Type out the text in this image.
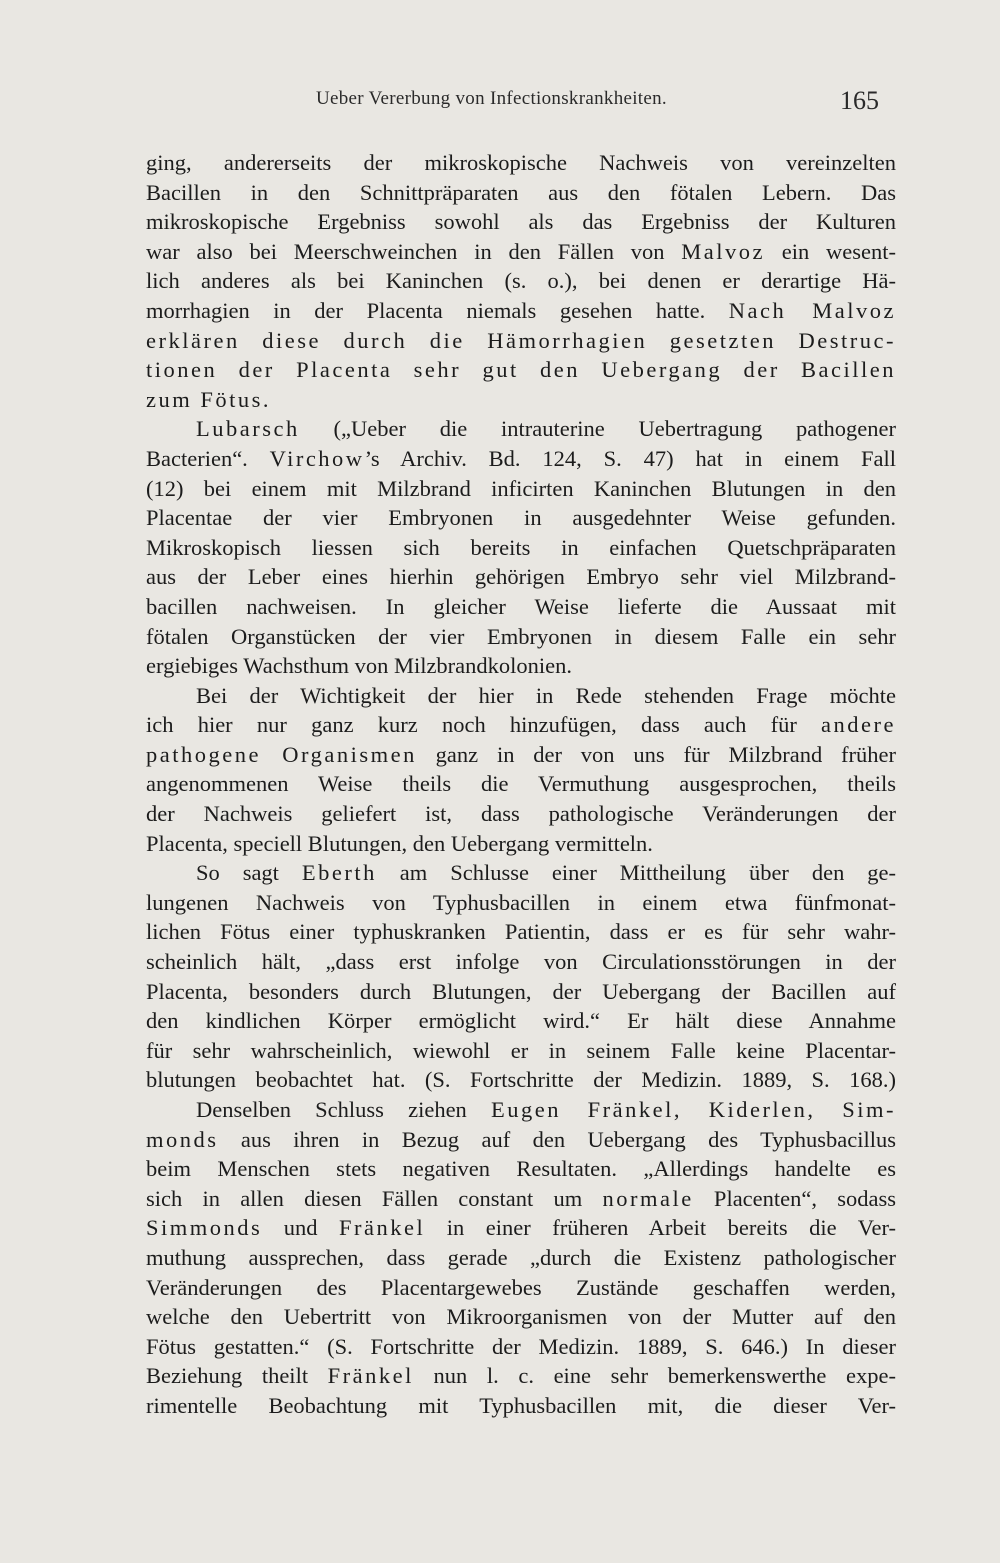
Ueber Vererbung von Infectionskrankheiten.	165
ging, andererseits der mikroskopische Nachweis von vereinzelten
Bacillen in den Schnittpräparaten aus den fötalen Lebern. Das
mikroskopische Ergebniss sowohl als das Ergebniss der Kulturen
war also bei Meerschweinchen in den Fällen von Malvoz ein wesent-
lich anderes als bei Kaninchen (s. o.), bei denen er derartige Hä-
morrhagien in der Placenta niemals gesehen hatte. Nach Malvoz
erklären diese durch die Hämorrhagien gesetzten Destruc-
tionen der Placenta sehr gut den Uebergang der Bacillen
zum Fötus.
Lubarsch („Ueber die intrauterine Uebertragung pathogener
Bacterien“. Virchow’s Archiv. Bd. 124, S. 47) hat in einem Fall
(12) bei einem mit Milzbrand inficirten Kaninchen Blutungen in den
Placentae der vier Embryonen in ausgedehnter Weise gefunden.
Mikroskopisch liessen sich bereits in einfachen Quetschpräparaten
aus der Leber eines hierhin gehörigen Embryo sehr viel Milzbrand-
bacillen nachweisen. In gleicher Weise lieferte die Aussaat mit
fötalen Organstücken der vier Embryonen in diesem Falle ein sehr
ergiebiges Wachsthum von Milzbrandkolonien.
Bei der Wichtigkeit der hier in Rede stehenden Frage möchte
ich hier nur ganz kurz noch hinzufügen, dass auch für andere
pathogene Organismen ganz in der von uns für Milzbrand früher
angenommenen Weise theils die Vermuthung ausgesprochen, theils
der Nachweis geliefert ist, dass pathologische Veränderungen der
Placenta, speciell Blutungen, den Uebergang vermitteln.
So sagt Eberth am Schlusse einer Mittheilung über den ge-
lungenen Nachweis von Typhusbacillen in einem etwa fünfmonat-
lichen Fötus einer typhuskranken Patientin, dass er es für sehr wahr-
scheinlich hält, „dass erst infolge von Circulationsstörungen in der
Placenta, besonders durch Blutungen, der Uebergang der Bacillen auf
den kindlichen Körper ermöglicht wird.“ Er hält diese Annahme
für sehr wahrscheinlich, wiewohl er in seinem Falle keine Placentar-
blutungen beobachtet hat. (S. Fortschritte der Medizin. 1889, S. 168.)
Denselben Schluss ziehen Eugen Fränkel, Kiderlen, Sim-
monds aus ihren in Bezug auf den Uebergang des Typhusbacillus
beim Menschen stets negativen Resultaten. „Allerdings handelte es
sich in allen diesen Fällen constant um normale Placenten“, sodass
Simmonds und Fränkel in einer früheren Arbeit bereits die Ver-
muthung aussprechen, dass gerade „durch die Existenz pathologischer
Veränderungen des Placentargewebes Zustände geschaffen werden,
welche den Uebertritt von Mikroorganismen von der Mutter auf den
Fötus gestatten.“ (S. Fortschritte der Medizin. 1889, S. 646.) In dieser
Beziehung theilt Fränkel nun l. c. eine sehr bemerkenswerthe expe-
rimentelle Beobachtung mit Typhusbacillen mit, die dieser Ver-
